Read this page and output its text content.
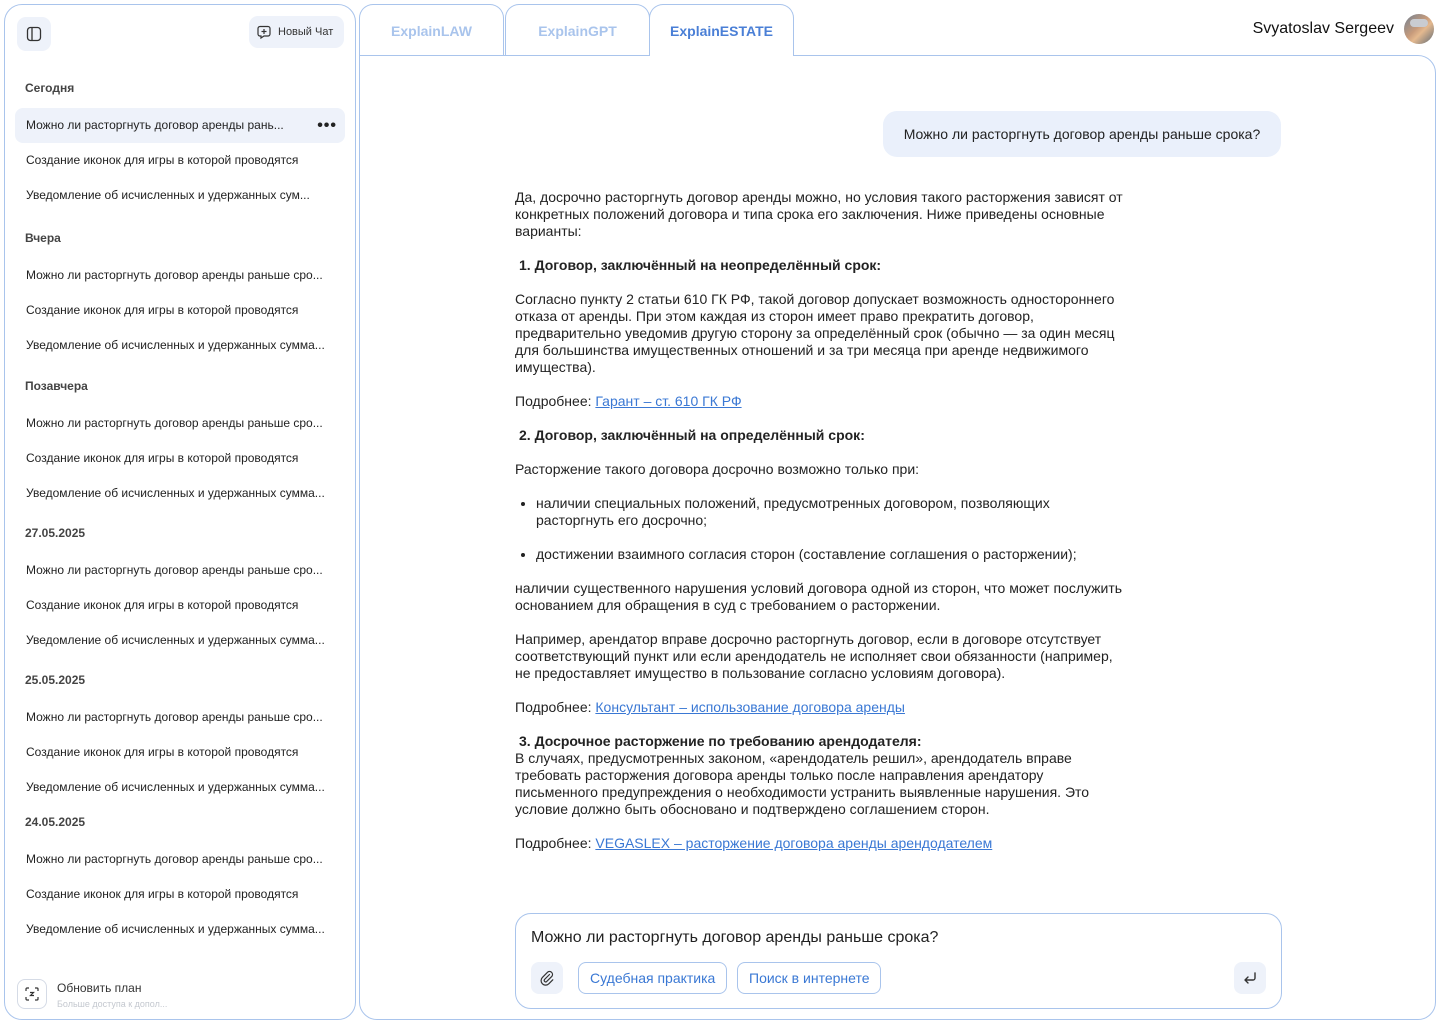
Новый Чат
Сегодня
Можно ли расторгнуть договор аренды рань... •••
Создание иконок для игры в которой проводятся
Уведомление об исчисленных и удержанных сум...
Вчера
Можно ли расторгнуть договор аренды раньше сро...
Создание иконок для игры в которой проводятся
Уведомление об исчисленных и удержанных сумма...
Позавчера
Можно ли расторгнуть договор аренды раньше сро...
Создание иконок для игры в которой проводятся
Уведомление об исчисленных и удержанных сумма...
27.05.2025
Можно ли расторгнуть договор аренды раньше сро...
Создание иконок для игры в которой проводятся
Уведомление об исчисленных и удержанных сумма...
25.05.2025
Можно ли расторгнуть договор аренды раньше сро...
Создание иконок для игры в которой проводятся
Уведомление об исчисленных и удержанных сумма...
24.05.2025
Можно ли расторгнуть договор аренды раньше сро...
Создание иконок для игры в которой проводятся
Уведомление об исчисленных и удержанных сумма...
Обновить план
Больше доступа к допол...
ExplainLAW	ExplainGPT	ExplainESTATE	Svyatoslav Sergeev
Можно ли расторгнуть договор аренды раньше срока?

Да, досрочно расторгнуть договор аренды можно, но условия такого расторжения зависят от конкретных положений договора и типа срока его заключения. Ниже приведены основные варианты:

1. Договор, заключённый на неопределённый срок:

Согласно пункту 2 статьи 610 ГК РФ, такой договор допускает возможность одностороннего отказа от аренды. При этом каждая из сторон имеет право прекратить договор, предварительно уведомив другую сторону за определённый срок (обычно — за один месяц для большинства имущественных отношений и за три месяца при аренде недвижимого имущества).

Подробнее: Гарант – ст. 610 ГК РФ

2. Договор, заключённый на определённый срок:

Расторжение такого договора досрочно возможно только при:

• наличии специальных положений, предусмотренных договором, позволяющих расторгнуть его досрочно;
• достижении взаимного согласия сторон (составление соглашения о расторжении);

наличии существенного нарушения условий договора одной из сторон, что может послужить основанием для обращения в суд с требованием о расторжении.

Например, арендатор вправе досрочно расторгнуть договор, если в договоре отсутствует соответствующий пункт или если арендодатель не исполняет свои обязанности (например, не предоставляет имущество в пользование согласно условиям договора).

Подробнее: Консультант – использование договора аренды

3. Досрочное расторжение по требованию арендодателя:

В случаях, предусмотренных законом, «арендодатель решил», арендодатель вправе требовать расторжения договора аренды только после направления арендатору письменного предупреждения о необходимости устранить выявленные нарушения. Это условие должно быть обосновано и подтверждено соглашением сторон.

Подробнее: VEGASLEX – расторжение договора аренды арендодателем

Можно ли расторгнуть договор аренды раньше срока?
Судебная практика	Поиск в интернете
